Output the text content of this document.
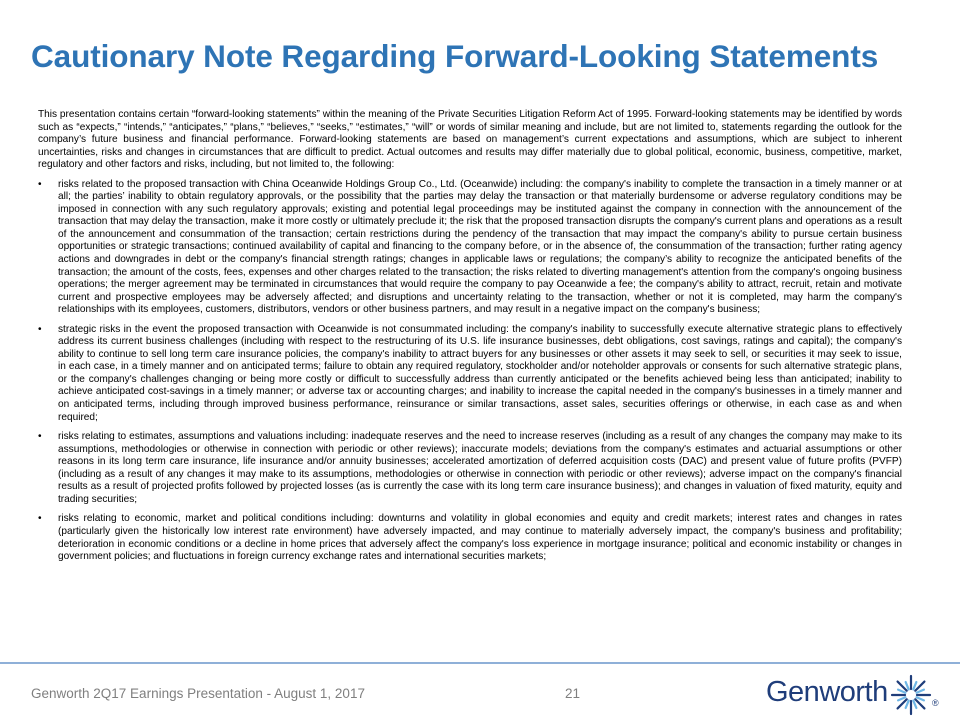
Cautionary Note Regarding Forward-Looking Statements

This presentation contains certain “forward-looking statements” within the meaning of the Private Securities Litigation Reform Act of 1995. Forward-looking statements may be identified by words such as “expects,” “intends,” “anticipates,” “plans,” “believes,” “seeks,” “estimates,” “will” or words of similar meaning and include, but are not limited to, statements regarding the outlook for the company’s future business and financial performance. Forward-looking statements are based on management’s current expectations and assumptions, which are subject to inherent uncertainties, risks and changes in circumstances that are difficult to predict. Actual outcomes and results may differ materially due to global political, economic, business, competitive, market, regulatory and other factors and risks, including, but not limited to, the following:

• risks related to the proposed transaction with China Oceanwide Holdings Group Co., Ltd. (Oceanwide) including: the company's inability to complete the transaction in a timely manner or at all; the parties’ inability to obtain regulatory approvals, or the possibility that the parties may delay the transaction or that materially burdensome or adverse regulatory conditions may be imposed in connection with any such regulatory approvals; existing and potential legal proceedings may be instituted against the company in connection with the announcement of the transaction that may delay the transaction, make it more costly or ultimately preclude it; the risk that the proposed transaction disrupts the company's current plans and operations as a result of the announcement and consummation of the transaction; certain restrictions during the pendency of the transaction that may impact the company's ability to pursue certain business opportunities or strategic transactions; continued availability of capital and financing to the company before, or in the absence of, the consummation of the transaction; further rating agency actions and downgrades in debt or the company's financial strength ratings; changes in applicable laws or regulations; the company’s ability to recognize the anticipated benefits of the transaction; the amount of the costs, fees, expenses and other charges related to the transaction; the risks related to diverting management's attention from the company's ongoing business operations; the merger agreement may be terminated in circumstances that would require the company to pay Oceanwide a fee; the company's ability to attract, recruit, retain and motivate current and prospective employees may be adversely affected; and disruptions and uncertainty relating to the transaction, whether or not it is completed, may harm the company's relationships with its employees, customers, distributors, vendors or other business partners, and may result in a negative impact on the company's business;
• strategic risks in the event the proposed transaction with Oceanwide is not consummated including: the company's inability to successfully execute alternative strategic plans to effectively address its current business challenges (including with respect to the restructuring of its U.S. life insurance businesses, debt obligations, cost savings, ratings and capital); the company's ability to continue to sell long term care insurance policies, the company's inability to attract buyers for any businesses or other assets it may seek to sell, or securities it may seek to issue, in each case, in a timely manner and on anticipated terms; failure to obtain any required regulatory, stockholder and/or noteholder approvals or consents for such alternative strategic plans, or the company's challenges changing or being more costly or difficult to successfully address than currently anticipated or the benefits achieved being less than anticipated; inability to achieve anticipated cost-savings in a timely manner; or adverse tax or accounting charges; and inability to increase the capital needed in the company's businesses in a timely manner and on anticipated terms, including through improved business performance, reinsurance or similar transactions, asset sales, securities offerings or otherwise, in each case as and when required;
• risks relating to estimates, assumptions and valuations including: inadequate reserves and the need to increase reserves (including as a result of any changes the company may make to its assumptions, methodologies or otherwise in connection with periodic or other reviews); inaccurate models; deviations from the company's estimates and actuarial assumptions or other reasons in its long term care insurance, life insurance and/or annuity businesses; accelerated amortization of deferred acquisition costs (DAC) and present value of future profits (PVFP) (including as a result of any changes it may make to its assumptions, methodologies or otherwise in connection with periodic or other reviews); adverse impact on the company's financial results as a result of projected profits followed by projected losses (as is currently the case with its long term care insurance business); and changes in valuation of fixed maturity, equity and trading securities;
• risks relating to economic, market and political conditions including: downturns and volatility in global economies and equity and credit markets; interest rates and changes in rates (particularly given the historically low interest rate environment) have adversely impacted, and may continue to materially adversely impact, the company's business and profitability; deterioration in economic conditions or a decline in home prices that adversely affect the company's loss experience in mortgage insurance; political and economic instability or changes in government policies; and fluctuations in foreign currency exchange rates and international securities markets;
Genworth 2Q17 Earnings Presentation - August 1, 2017	21	Genworth	®
